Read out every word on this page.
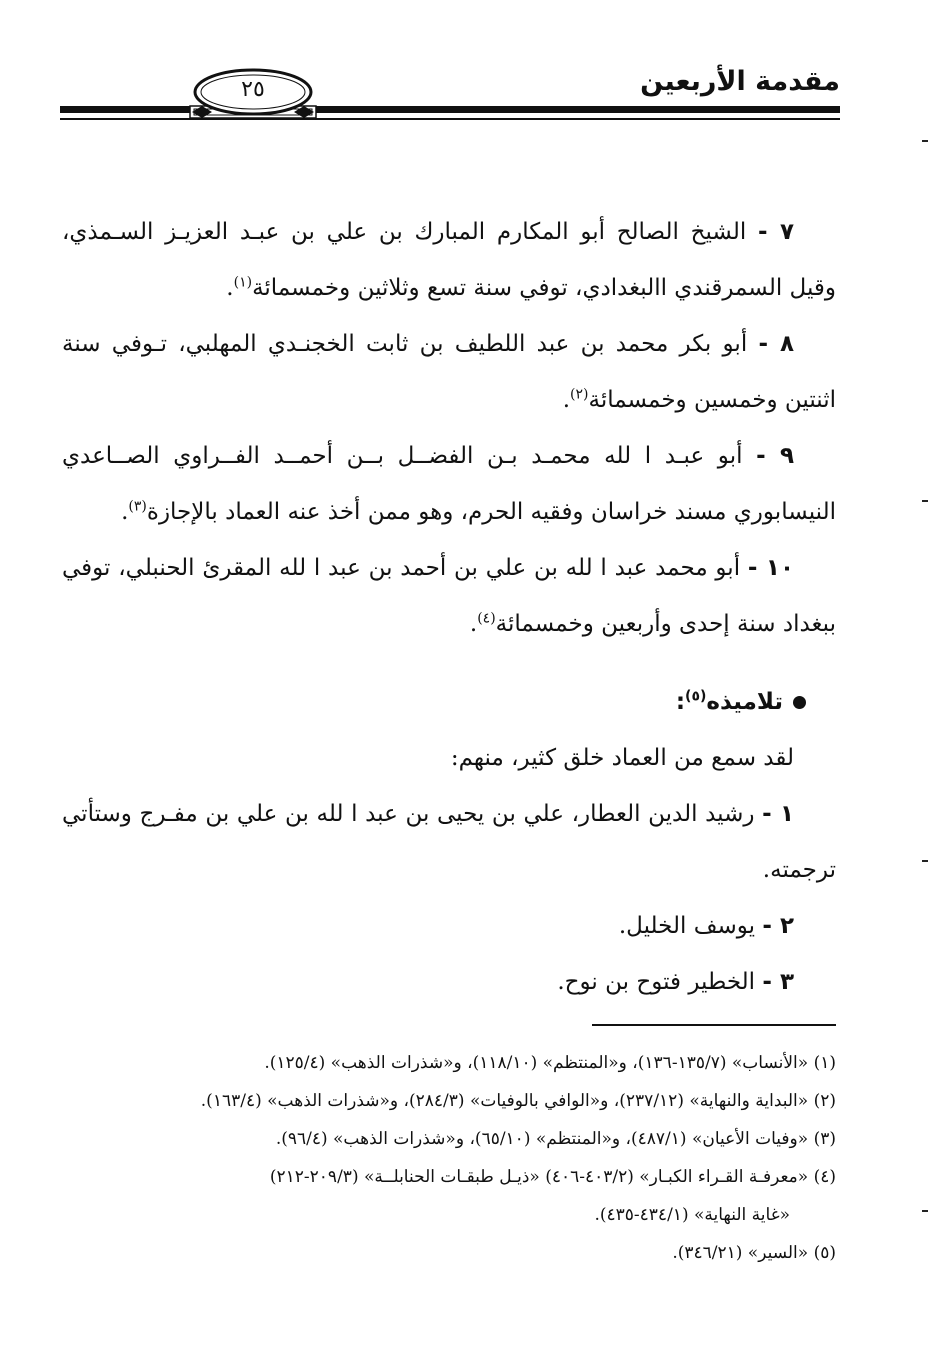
مقدمة الأربعين
٢٥

٧ - الشيخ الصالح أبو المكارم المبارك بن علي بن عبـد العزيـز السـمذي، وقيل السمرقندي االبغدادي، توفي سنة تسع وثلاثين وخمسمائة$^{(١)}$.

٨ - أبو بكر محمد بن عبد اللطيف بن ثابت الخجنـدي المهلبي، تـوفي سنة اثنتين وخمسين وخمسمائة$^{(٢)}$.

٩ - أبو عبـد ا لله محمـد بـن الفضــل بــن أحمــد الفــراوي الصــاعدي النيسابوري مسند خراسان وفقيه الحرم، وهو ممن أخذ عنه العماد بالإجازة$^{(٣)}$.

١٠ - أبو محمد عبد ا لله بن علي بن أحمد بن عبد ا لله المقرئ الحنبلي، توفي ببغداد سنة إحدى وأربعين وخمسمائة$^{(٤)}$.

تلاميذه$^{(٥)}$:

لقد سمع من العماد خلق كثير، منهم:

١ - رشيد الدين العطار، علي بن يحيى بن عبد ا لله بن علي بن مفـرج وستأتي ترجمته.

٢ - يوسف الخليل.

٣ - الخطير فتوح بن نوح.

(١) «الأنساب» (١٣٥/٧-١٣٦)، و«المنتظم» (١١٨/١٠)، و«شذرات الذهب» (١٢٥/٤).

(٢) «البداية والنهاية» (٢٣٧/١٢)، و«الوافي بالوفيات» (٢٨٤/٣)، و«شذرات الذهب» (١٦٣/٤).

(٣) «وفيات الأعيان» (٤٨٧/١)، و«المنتظم» (٦٥/١٠)، و«شذرات الذهب» (٩٦/٤).

(٤) «معرفـة القـراء الكبـار» (٤٠٣/٢-٤٠٦) «ذيـل طبقـات الحنابلــة» (٢٠٩/٣-٢١٢)

«غاية النهاية» (٤٣٤/١-٤٣٥).

(٥) «السير» (٣٤٦/٢١).
